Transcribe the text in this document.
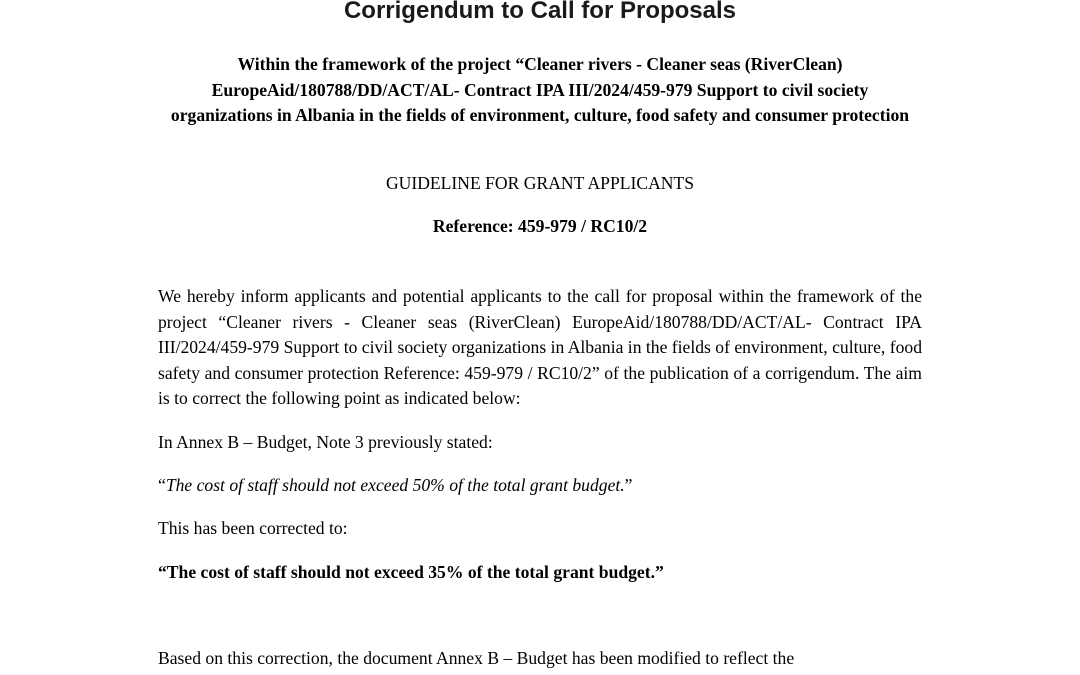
Corrigendum to Call for Proposals
Within the framework of the project “Cleaner rivers - Cleaner seas (RiverClean) EuropeAid/180788/DD/ACT/AL- Contract IPA III/2024/459-979 Support to civil society organizations in Albania in the fields of environment, culture, food safety and consumer protection
GUIDELINE FOR GRANT APPLICANTS
Reference: 459-979 / RC10/2
We hereby inform applicants and potential applicants to the call for proposal within the framework of the project “Cleaner rivers - Cleaner seas (RiverClean) EuropeAid/180788/DD/ACT/AL- Contract IPA III/2024/459-979 Support to civil society organizations in Albania in the fields of environment, culture, food safety and consumer protection Reference: 459-979 / RC10/2” of the publication of a corrigendum. The aim is to correct the following point as indicated below:
In Annex B – Budget, Note 3 previously stated:
“The cost of staff should not exceed 50% of the total grant budget.”
This has been corrected to:
“The cost of staff should not exceed 35% of the total grant budget.”
Based on this correction, the document Annex B – Budget has been modified to reflect the
